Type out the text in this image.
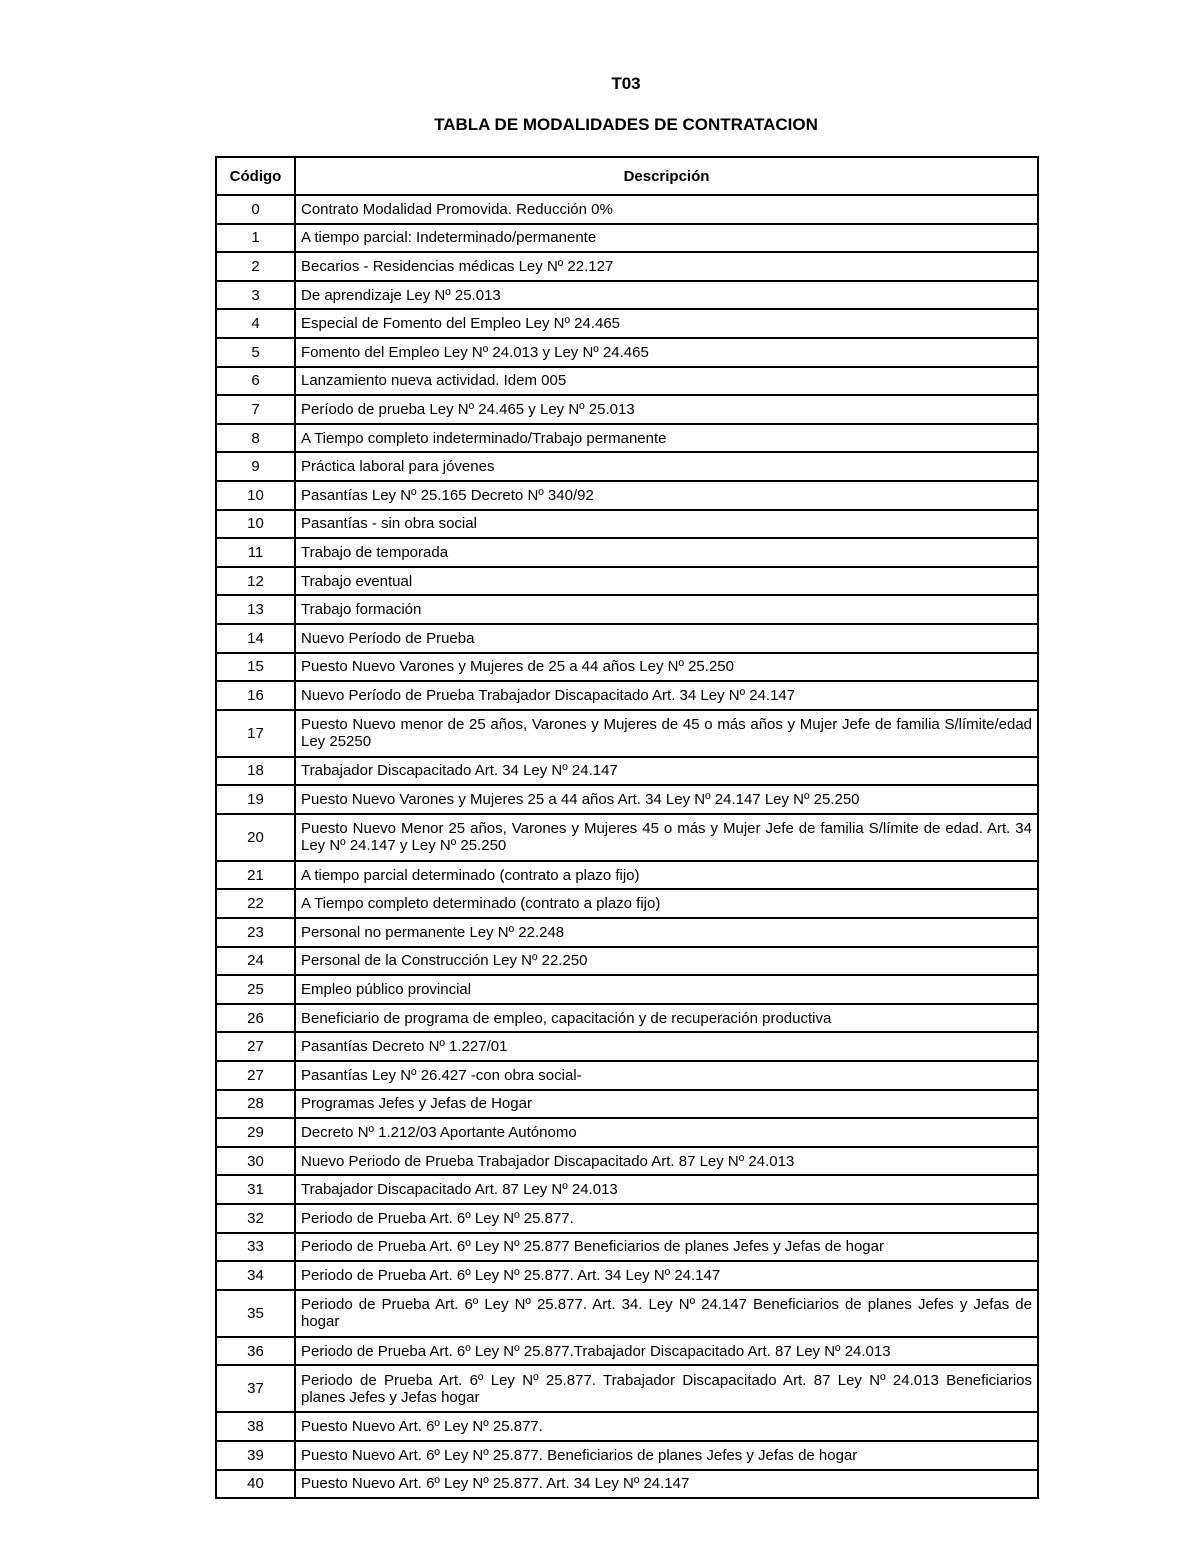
T03
TABLA DE MODALIDADES DE CONTRATACION
Código	Descripción
0	Contrato Modalidad Promovida. Reducción 0%
1	A tiempo parcial: Indeterminado/permanente
2	Becarios - Residencias médicas Ley Nº 22.127
3	De aprendizaje Ley Nº 25.013
4	Especial de Fomento del Empleo Ley Nº 24.465
5	Fomento del Empleo Ley Nº 24.013 y Ley Nº 24.465
6	Lanzamiento nueva actividad. Idem 005
7	Período de prueba Ley Nº 24.465 y Ley Nº 25.013
8	A Tiempo completo indeterminado/Trabajo permanente
9	Práctica laboral para jóvenes
10	Pasantías Ley Nº 25.165 Decreto Nº 340/92
10	Pasantías - sin obra social
11	Trabajo de temporada
12	Trabajo eventual
13	Trabajo formación
14	Nuevo Período de Prueba
15	Puesto Nuevo Varones y Mujeres de 25 a 44 años Ley Nº 25.250
16	Nuevo Período de Prueba Trabajador Discapacitado Art. 34 Ley Nº 24.147
17	Puesto Nuevo menor de 25 años, Varones y Mujeres de 45 o más años y Mujer Jefe de familia S/límite/edad Ley 25250
18	Trabajador Discapacitado Art. 34 Ley Nº 24.147
19	Puesto Nuevo Varones y Mujeres 25 a 44 años Art. 34 Ley Nº 24.147 Ley Nº 25.250
20	Puesto Nuevo Menor 25 años, Varones y Mujeres 45 o más y Mujer Jefe de familia S/límite de edad. Art. 34 Ley Nº 24.147 y Ley Nº 25.250
21	A tiempo parcial determinado (contrato a plazo fijo)
22	A Tiempo completo determinado (contrato a plazo fijo)
23	Personal no permanente Ley Nº 22.248
24	Personal de la Construcción Ley Nº 22.250
25	Empleo público provincial
26	Beneficiario de programa de empleo, capacitación y de recuperación productiva
27	Pasantías Decreto Nº 1.227/01
27	Pasantías Ley Nº 26.427 -con obra social-
28	Programas Jefes y Jefas de Hogar
29	Decreto Nº 1.212/03 Aportante Autónomo
30	Nuevo Periodo de Prueba Trabajador Discapacitado Art. 87 Ley Nº 24.013
31	Trabajador Discapacitado Art. 87 Ley Nº 24.013
32	Periodo de Prueba Art. 6º Ley Nº 25.877.
33	Periodo de Prueba Art. 6º Ley Nº 25.877 Beneficiarios de planes Jefes y Jefas de hogar
34	Periodo de Prueba Art. 6º Ley Nº 25.877. Art. 34 Ley Nº 24.147
35	Periodo de Prueba Art. 6º Ley Nº 25.877. Art. 34. Ley Nº 24.147 Beneficiarios de planes Jefes y Jefas de hogar
36	Periodo de Prueba Art. 6º Ley Nº 25.877.Trabajador Discapacitado Art. 87 Ley Nº 24.013
37	Periodo de Prueba Art. 6º Ley Nº 25.877. Trabajador Discapacitado Art. 87 Ley Nº 24.013 Beneficiarios planes Jefes y Jefas hogar
38	Puesto Nuevo Art. 6º Ley Nº 25.877.
39	Puesto Nuevo Art. 6º Ley Nº 25.877. Beneficiarios de planes Jefes y Jefas de hogar
40	Puesto Nuevo Art. 6º Ley Nº 25.877. Art. 34 Ley Nº 24.147
